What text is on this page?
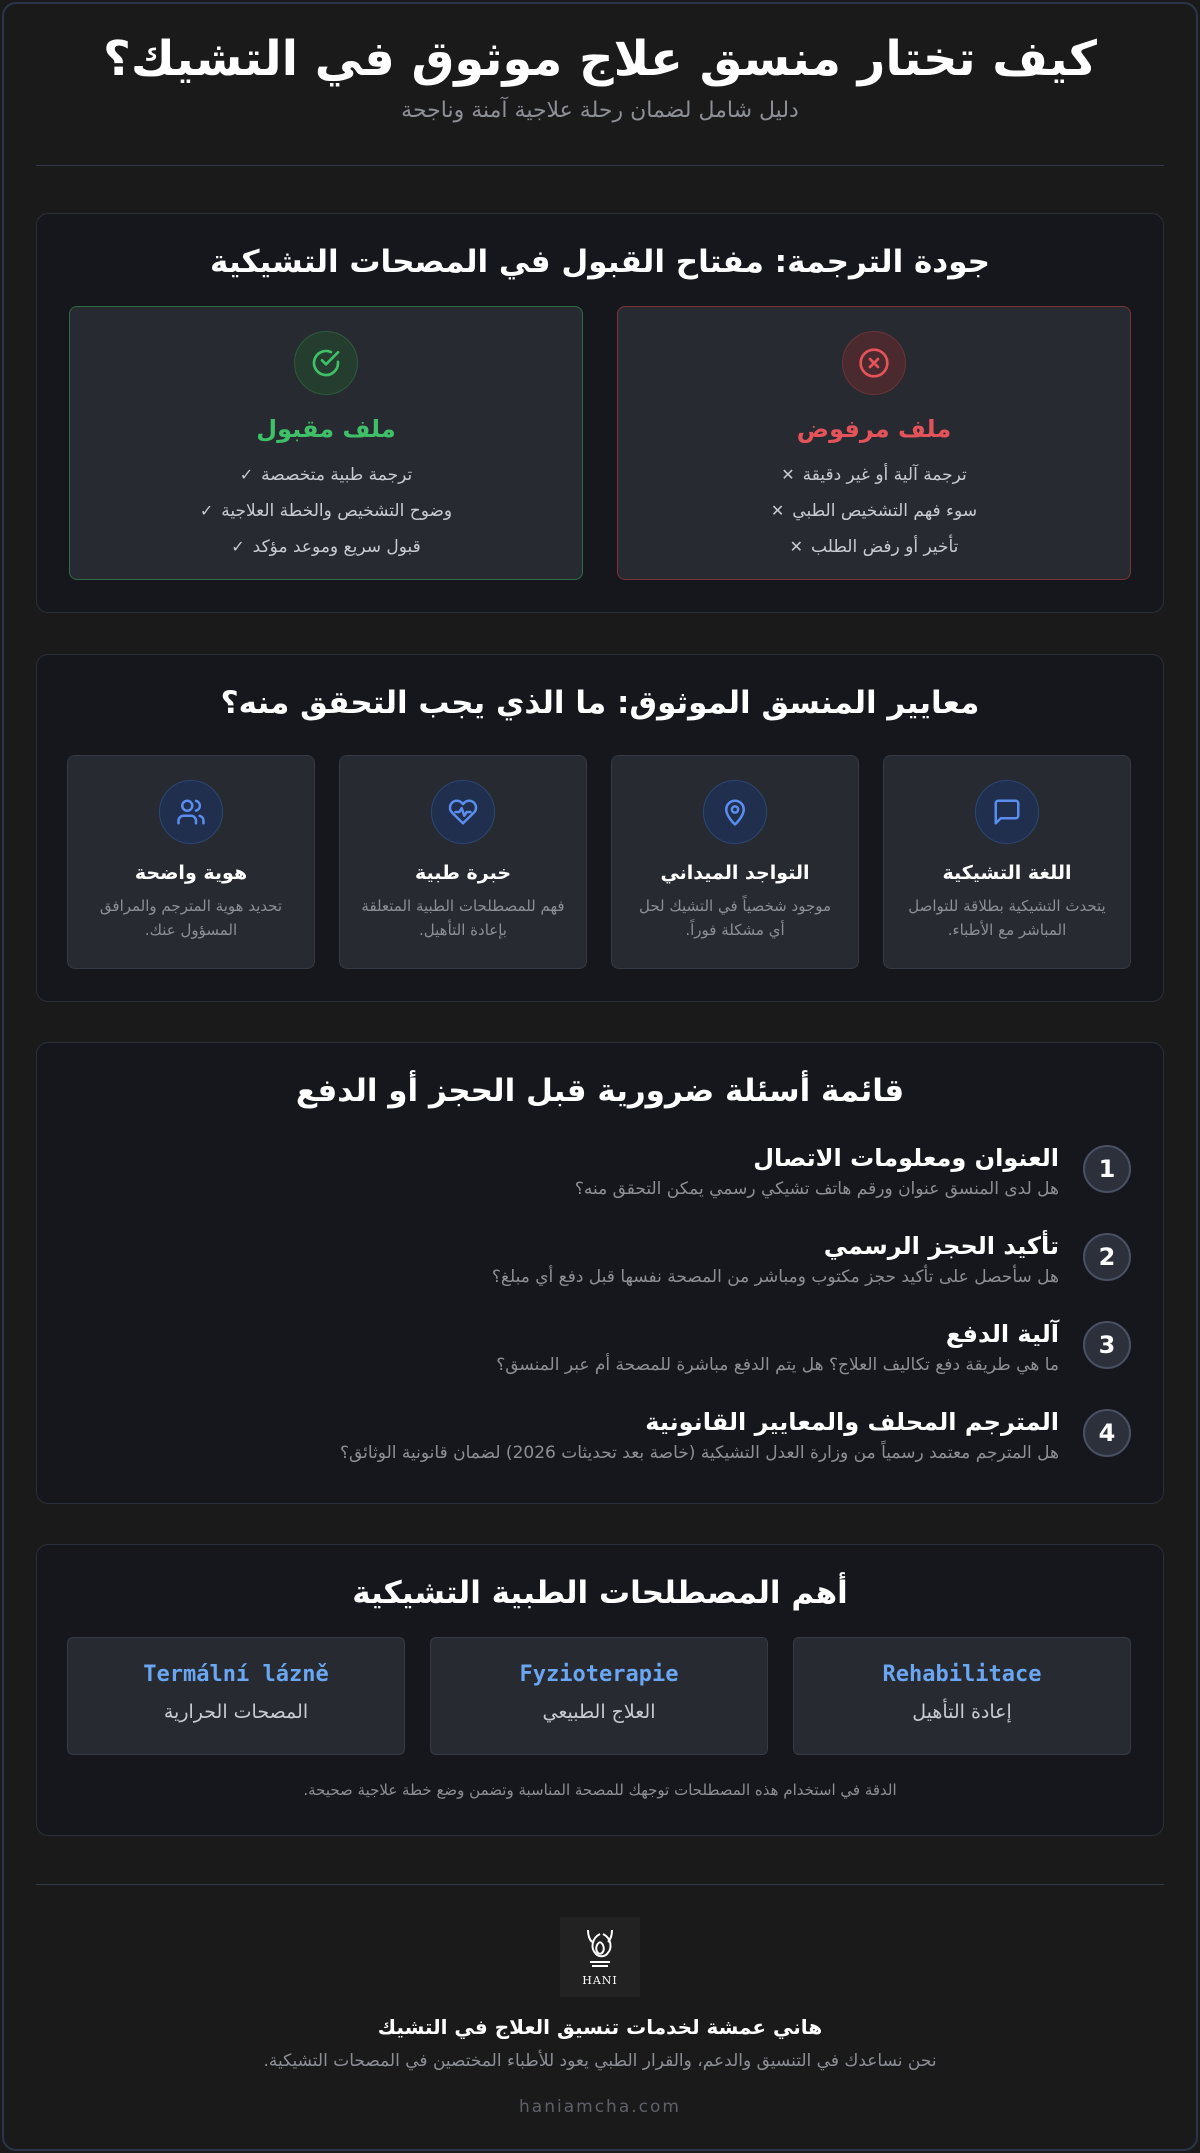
كيف تختار منسق علاج موثوق في التشيك؟

دليل شامل لضمان رحلة علاجية آمنة وناجحة

جودة الترجمة: مفتاح القبول في المصحات التشيكية
ملف مرفوض
ترجمة آلية أو غير دقيقة✕
سوء فهم التشخيص الطبي✕
تأخير أو رفض الطلب✕
ملف مقبول
ترجمة طبية متخصصة✓
وضوح التشخيص والخطة العلاجية✓
قبول سريع وموعد مؤكد✓
معايير المنسق الموثوق: ما الذي يجب التحقق منه؟
اللغة التشيكية
يتحدث التشيكية بطلاقة للتواصل المباشر مع الأطباء.
التواجد الميداني
موجود شخصياً في التشيك لحل أي مشكلة فوراً.
خبرة طبية
فهم للمصطلحات الطبية المتعلقة بإعادة التأهيل.
هوية واضحة
تحديد هوية المترجم والمرافق المسؤول عنك.
قائمة أسئلة ضرورية قبل الحجز أو الدفع
1
العنوان ومعلومات الاتصال
هل لدى المنسق عنوان ورقم هاتف تشيكي رسمي يمكن التحقق منه؟
2
تأكيد الحجز الرسمي
هل سأحصل على تأكيد حجز مكتوب ومباشر من المصحة نفسها قبل دفع أي مبلغ؟
3
آلية الدفع
ما هي طريقة دفع تكاليف العلاج؟ هل يتم الدفع مباشرة للمصحة أم عبر المنسق؟
4
المترجم المحلف والمعايير القانونية
هل المترجم معتمد رسمياً من وزارة العدل التشيكية (خاصة بعد تحديثات 2026) لضمان قانونية الوثائق؟
أهم المصطلحات الطبية التشيكية
Rehabilitace
إعادة التأهيل
Fyzioterapie
العلاج الطبيعي
Termální lázně
المصحات الحرارية
الدقة في استخدام هذه المصطلحات توجهك للمصحة المناسبة وتضمن وضع خطة علاجية صحيحة.
HANI
هاني عمشة لخدمات تنسيق العلاج في التشيك
نحن نساعدك في التنسيق والدعم، والقرار الطبي يعود للأطباء المختصين في المصحات التشيكية.
haniamcha.com
